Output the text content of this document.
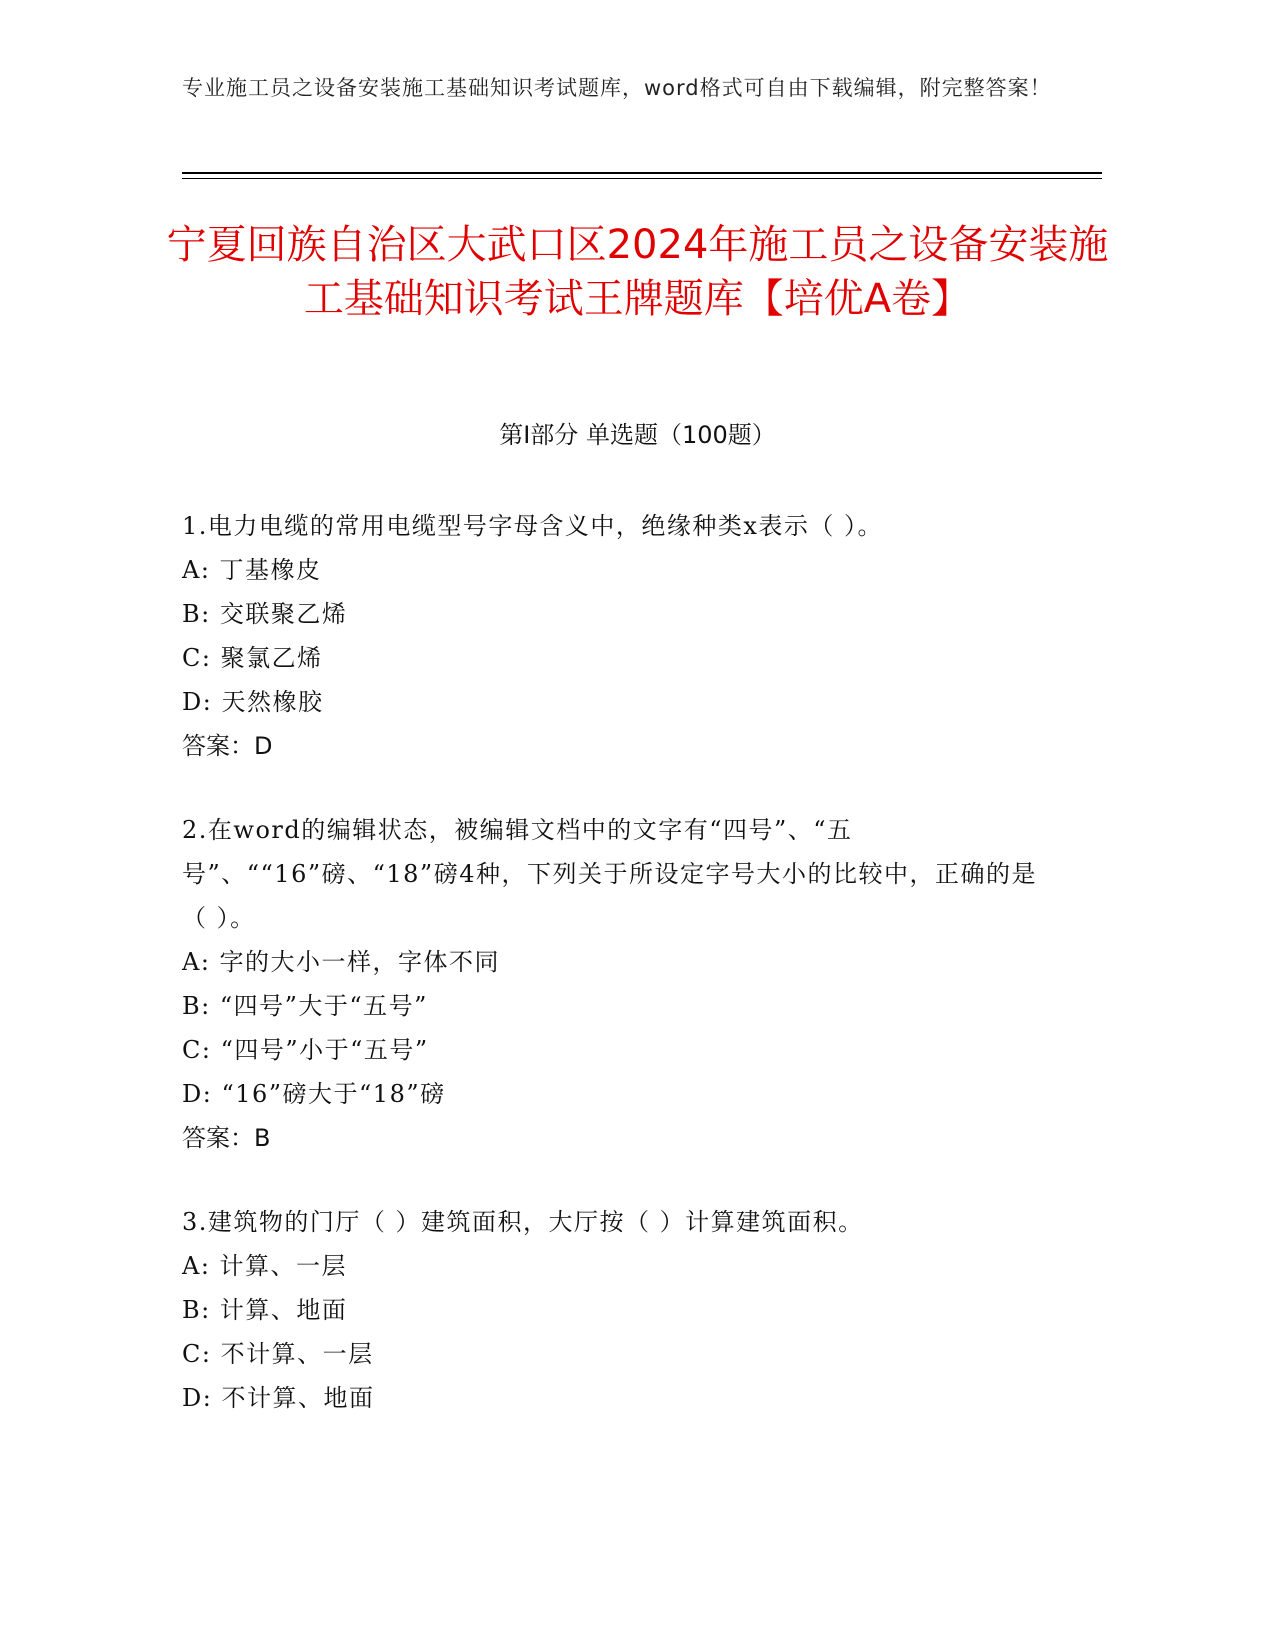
专业施工员之设备安装施工基础知识考试题库，word格式可自由下载编辑，附完整答案！
宁夏回族自治区大武口区2024年施工员之设备安装施工基础知识考试王牌题库【培优A卷】
第I部分 单选题（100题）

1.电力电缆的常用电缆型号字母含义中，绝缘种类x表示（ ）。

A: 丁基橡皮

B: 交联聚乙烯

C: 聚氯乙烯

D: 天然橡胶

答案：D

2.在word的编辑状态，被编辑文档中的文字有“四号”、“五号”、““16”磅、“18”磅4种，下列关于所设定字号大小的比较中，正确的是（ ）。

A: 字的大小一样，字体不同

B: “四号”大于“五号”

C: “四号”小于“五号”

D: “16”磅大于“18”磅

答案：B

3.建筑物的门厅（ ）建筑面积，大厅按（ ）计算建筑面积。

A: 计算、一层

B: 计算、地面

C: 不计算、一层

D: 不计算、地面
